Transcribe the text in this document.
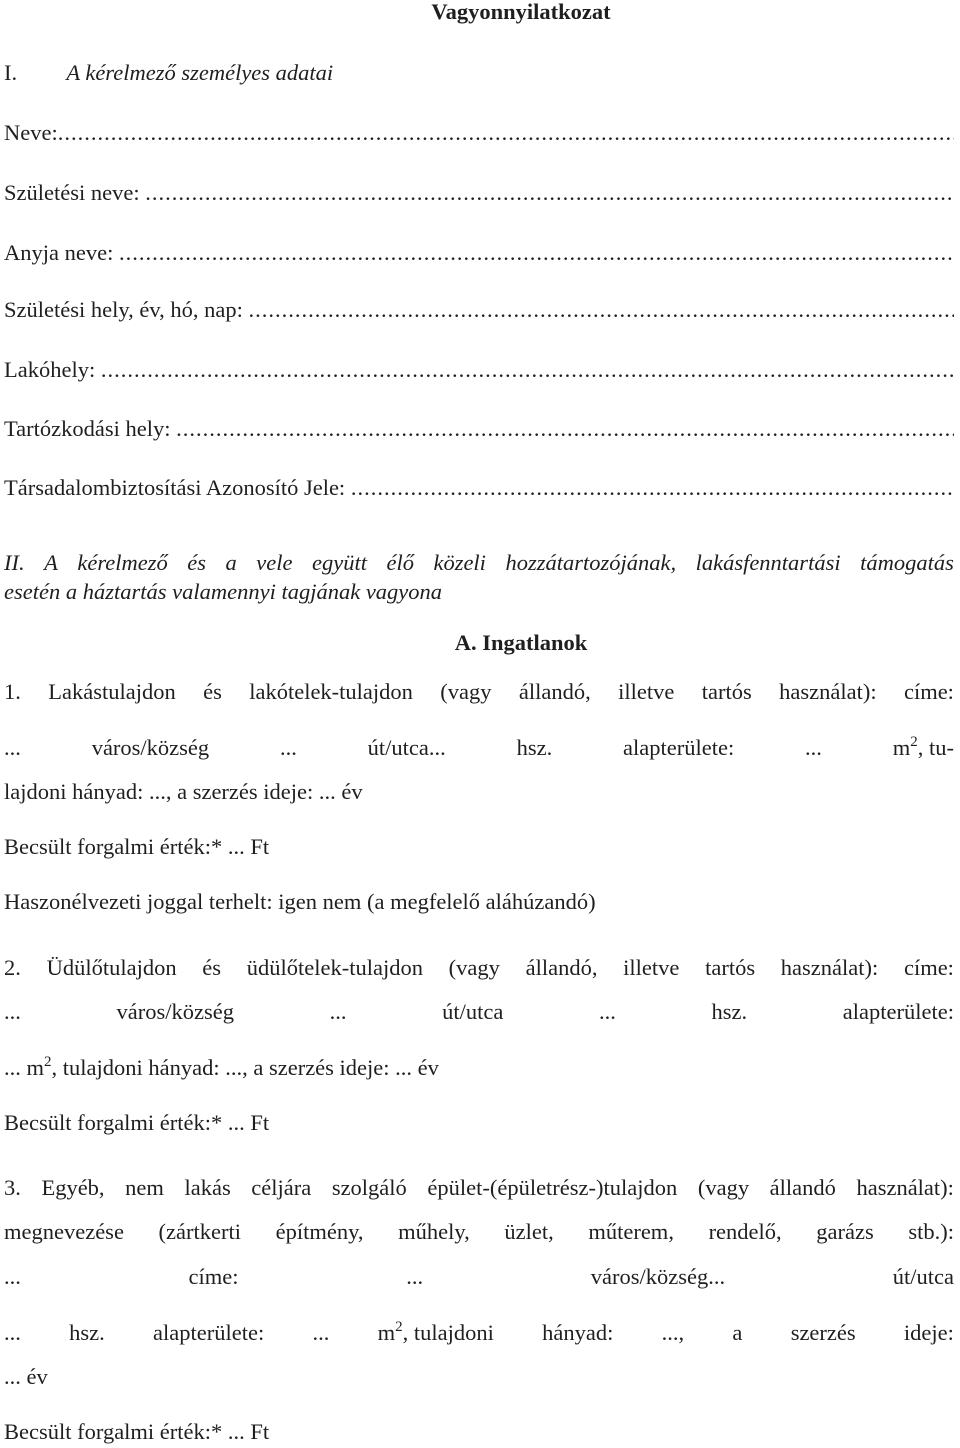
Vagyonnyilatkozat
I. A kérelmező személyes adatai
Neve:
.....
Születési neve:

.....
Anyja neve:

.....
Születési hely, év, hó, nap:

.....
Lakóhely:

.....
Tartózkodási hely:

.....
Társadalombiztosítási Azonosító Jele:

.....
II. A kérelmező és a vele együtt élő közeli hozzátartozójának, lakásfenntartási támogatás
esetén a háztartás valamennyi tagjának vagyona
A. Ingatlanok
1. Lakástulajdon és lakótelek-tulajdon (vagy állandó, illetve tartós használat): címe:
...	város/község	...	út/utca...	hsz.	alapterülete:	...	$m^2$, tu-
lajdoni hányad: ..., a szerzés ideje: ... év
Becsült forgalmi érték:* ... Ft
Haszonélvezeti joggal terhelt: igen nem (a megfelelő aláhúzandó)
2. Üdülőtulajdon és üdülőtelek-tulajdon (vagy állandó, illetve tartós használat): címe:
...	város/község	...	út/utca	...	hsz.	alapterülete:
... $m^2$, tulajdoni hányad: ..., a szerzés ideje: ... év
Becsült forgalmi érték:* ... Ft
3. Egyéb, nem lakás céljára szolgáló épület-(épületrész-)tulajdon (vagy állandó használat):
megnevezése (zártkerti építmény, műhely, üzlet, műterem, rendelő, garázs stb.):
...	címe:	...	város/község...	út/utca
... hsz. alapterülete: ... $m^2$, tulajdoni hányad: ..., a szerzés ideje:
... év
Becsült forgalmi érték:* ... Ft
